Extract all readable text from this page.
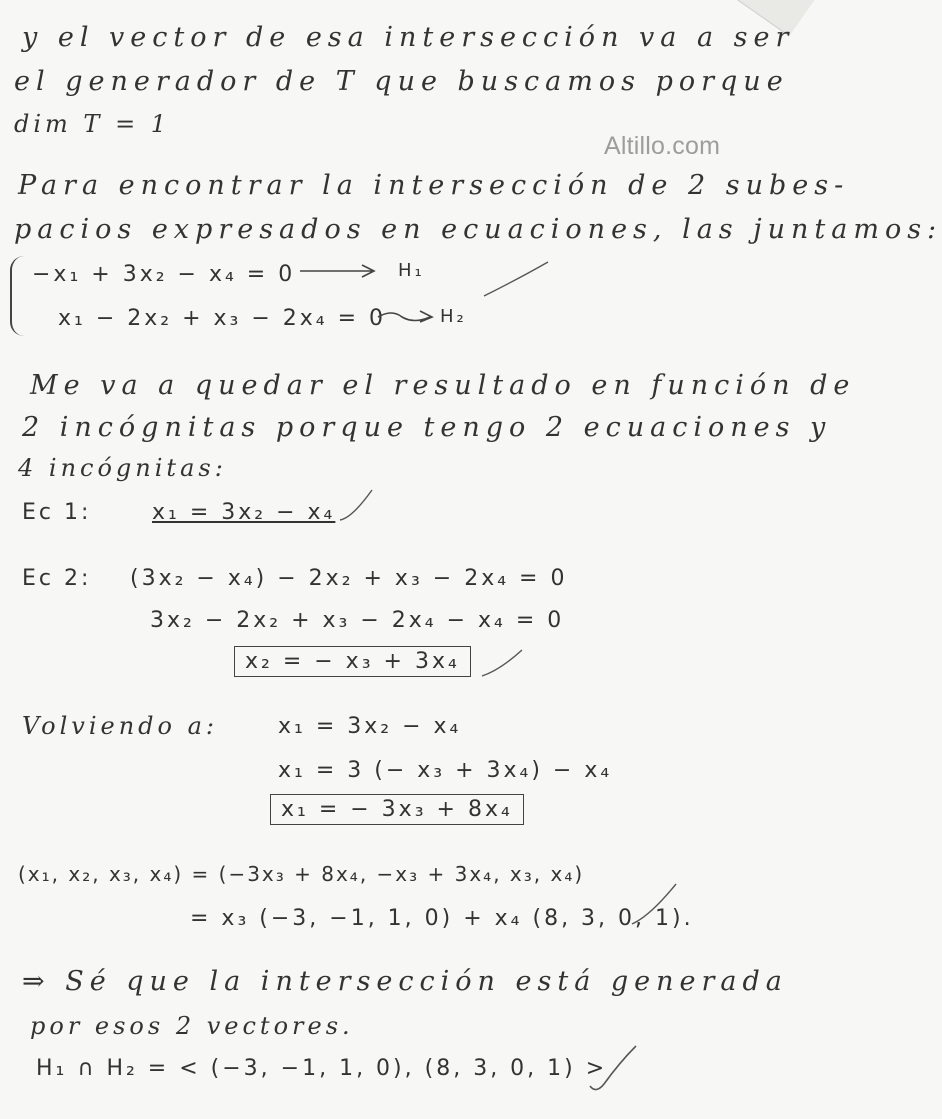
Altillo.com
y el vector de esa intersección va a ser
el generador de T que buscamos porque
dim T = 1
Para encontrar la intersección de 2 subes-
pacios expresados en ecuaciones, las juntamos:
−x₁ + 3x₂ − x₄ = 0	H₁
x₁ − 2x₂ + x₃ − 2x₄ = 0	H₂
Me va a quedar el resultado en función de
2 incógnitas porque tengo 2 ecuaciones y
4 incógnitas:
Ec 1:	x₁ = 3x₂ − x₄
Ec 2: (3x₂ − x₄) − 2x₂ + x₃ − 2x₄ = 0
3x₂ − 2x₂ + x₃ − 2x₄ − x₄ = 0
x₂ = − x₃ + 3x₄
Volviendo a:	x₁ = 3x₂ − x₄
x₁ = 3 (− x₃ + 3x₄) − x₄
x₁ = − 3x₃ + 8x₄
(x₁, x₂, x₃, x₄) = (−3x₃ + 8x₄, −x₃ + 3x₄, x₃, x₄)
= x₃ (−3, −1, 1, 0) + x₄ (8, 3, 0, 1).
⇒ Sé que la intersección está generada
por esos 2 vectores.
H₁ ∩ H₂ = < (−3, −1, 1, 0), (8, 3, 0, 1) >
